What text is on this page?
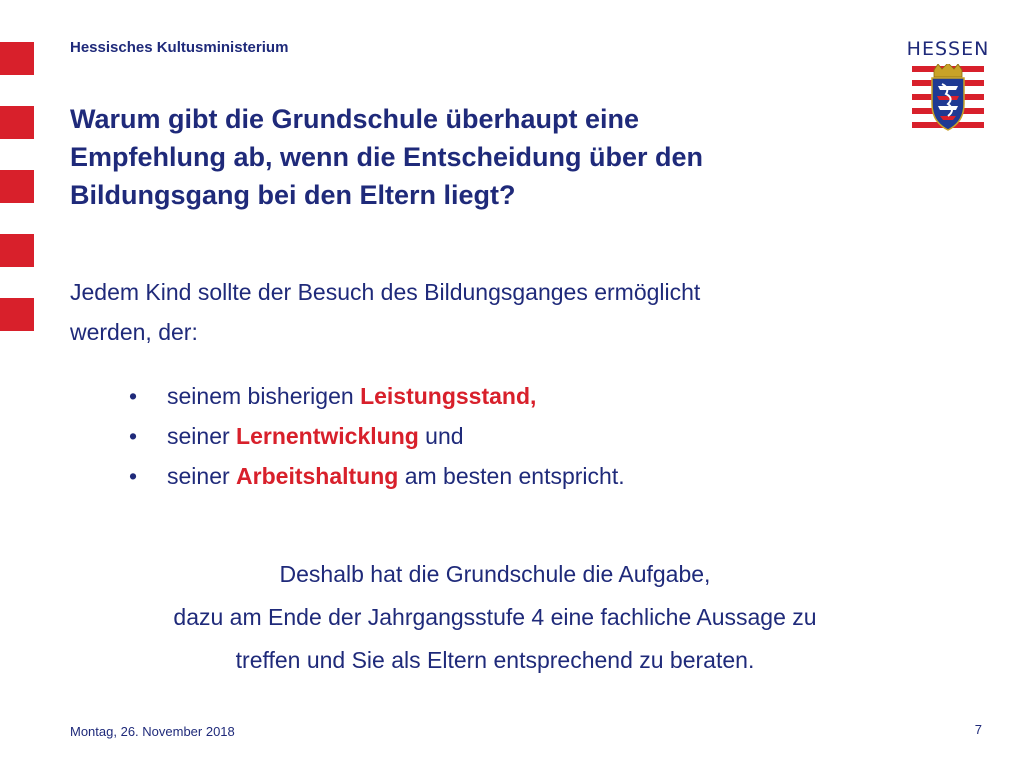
Hessisches Kultusministerium	HESSEN
Warum gibt die Grundschule überhaupt eine
Empfehlung ab, wenn die Entscheidung über den
Bildungsgang bei den Eltern liegt?
Jedem Kind sollte der Besuch des Bildungsganges ermöglicht
werden, der:
• seinem bisherigen Leistungsstand,
• seiner Lernentwicklung und
• seiner Arbeitshaltung am besten entspricht.
Deshalb hat die Grundschule die Aufgabe,
dazu am Ende der Jahrgangsstufe 4 eine fachliche Aussage zu
treffen und Sie als Eltern entsprechend zu beraten.
Montag, 26. November 2018	7
